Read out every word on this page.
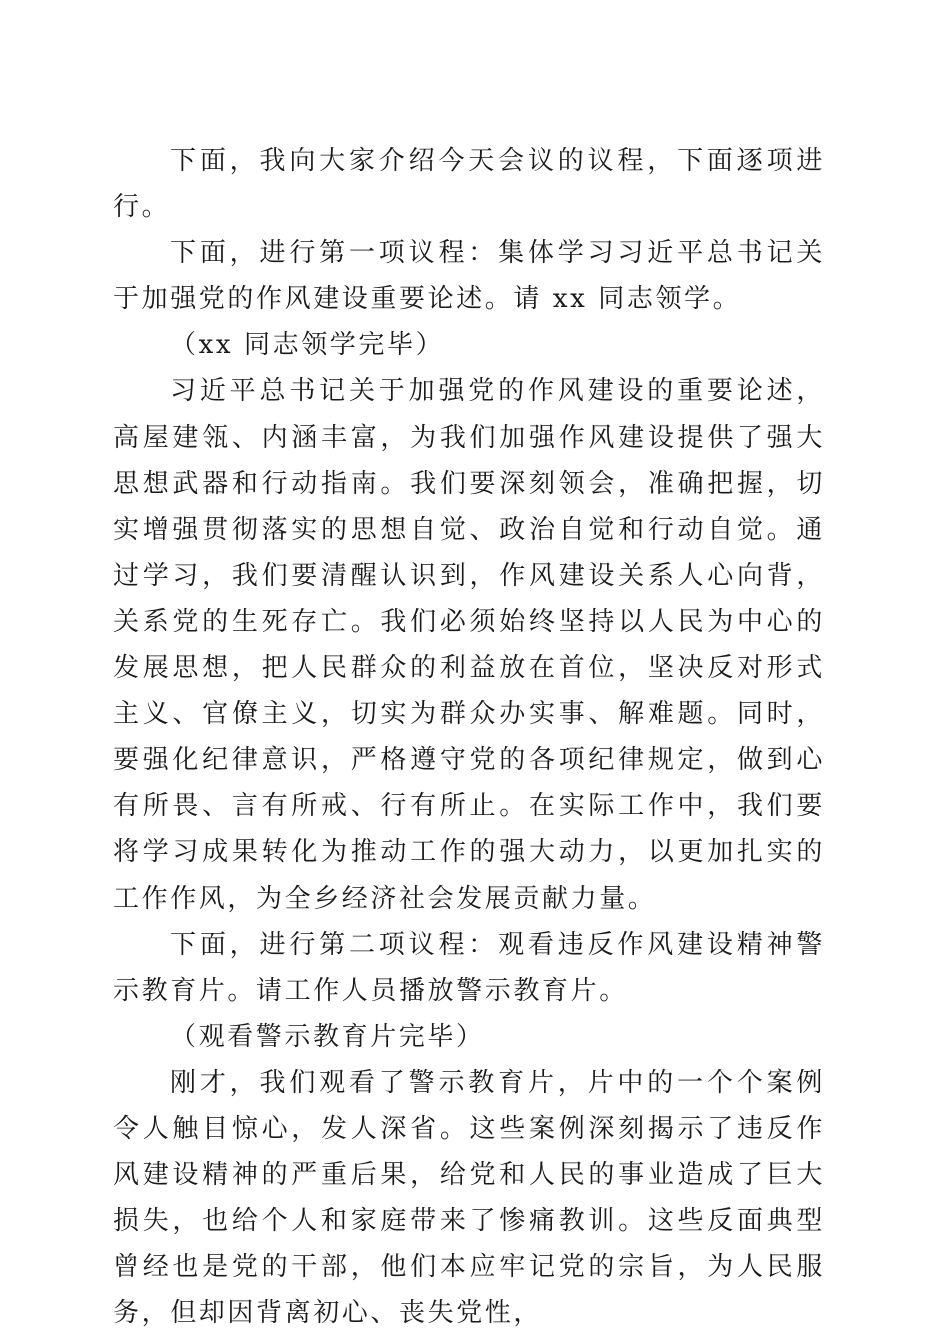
下面，我向大家介绍今天会议的议程，下面逐项进行。

下面，进行第一项议程：集体学习习近平总书记关于加强党的作风建设重要论述。请 xx 同志领学。

（xx 同志领学完毕）

习近平总书记关于加强党的作风建设的重要论述，高屋建瓴、内涵丰富，为我们加强作风建设提供了强大思想武器和行动指南。我们要深刻领会，准确把握，切实增强贯彻落实的思想自觉、政治自觉和行动自觉。通过学习，我们要清醒认识到，作风建设关系人心向背，关系党的生死存亡。我们必须始终坚持以人民为中心的发展思想，把人民群众的利益放在首位，坚决反对形式主义、官僚主义，切实为群众办实事、解难题。同时，要强化纪律意识，严格遵守党的各项纪律规定，做到心有所畏、言有所戒、行有所止。在实际工作中，我们要将学习成果转化为推动工作的强大动力，以更加扎实的工作作风，为全乡经济社会发展贡献力量。

下面，进行第二项议程：观看违反作风建设精神警示教育片。请工作人员播放警示教育片。

（观看警示教育片完毕）

刚才，我们观看了警示教育片，片中的一个个案例令人触目惊心，发人深省。这些案例深刻揭示了违反作风建设精神的严重后果，给党和人民的事业造成了巨大损失，也给个人和家庭带来了惨痛教训。这些反面典型曾经也是党的干部，他们本应牢记党的宗旨，为人民服务，但却因背离初心、丧失党性，
